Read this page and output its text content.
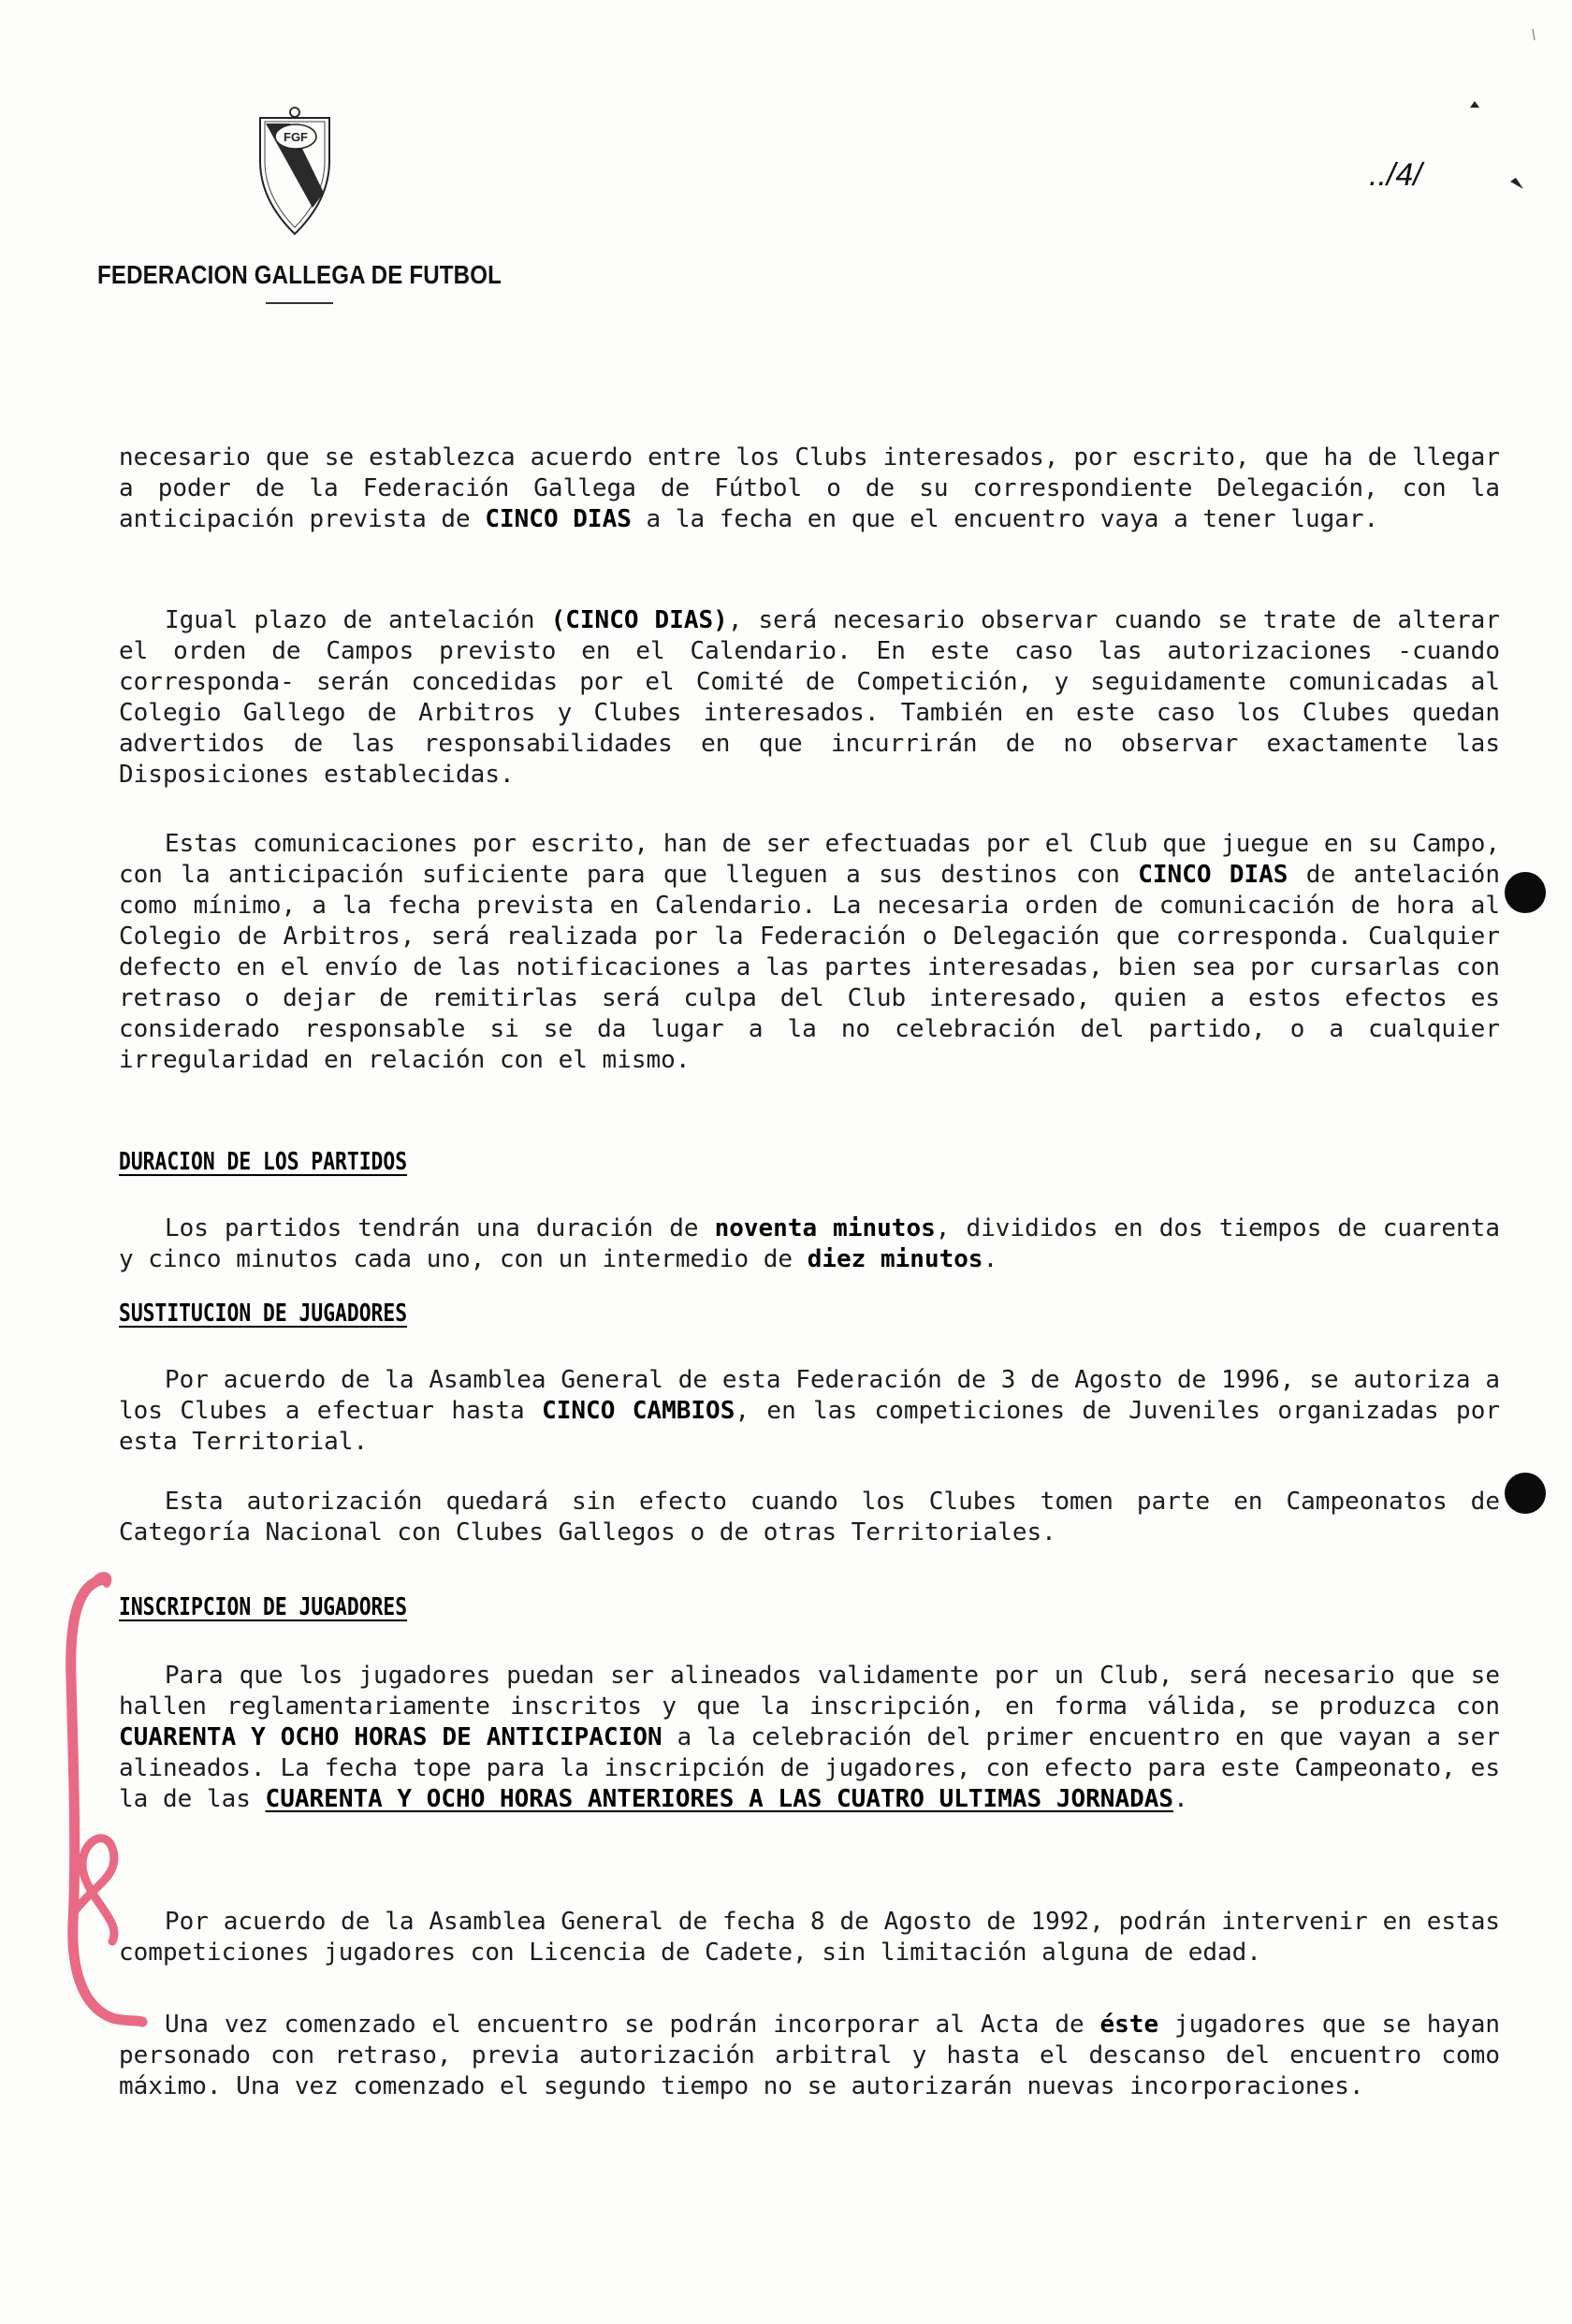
FGF
FEDERACION GALLEGA DE FUTBOL
../4/

necesario que se establezca acuerdo entre los Clubs interesados, por escrito, que ha de llegar a poder de la Federación Gallega de Fútbol o de su correspondiente Delegación, con la anticipación prevista de CINCO DIAS a la fecha en que el encuentro vaya a tener lugar.

Igual plazo de antelación (CINCO DIAS), será necesario observar cuando se trate de alterar el orden de Campos previsto en el Calendario. En este caso las autorizaciones -cuando corresponda- serán concedidas por el Comité de Competición, y seguidamente comunicadas al Colegio Gallego de Arbitros y Clubes interesados. También en este caso los Clubes quedan advertidos de las responsabilidades en que incurrirán de no observar exactamente las Disposiciones establecidas.

Estas comunicaciones por escrito, han de ser efectuadas por el Club que juegue en su Campo, con la anticipación suficiente para que lleguen a sus destinos con CINCO DIAS de antelación como mínimo, a la fecha prevista en Calendario. La necesaria orden de comunicación de hora al Colegio de Arbitros, será realizada por la Federación o Delegación que corresponda. Cualquier defecto en el envío de las notificaciones a las partes interesadas, bien sea por cursarlas con retraso o dejar de remitirlas será culpa del Club interesado, quien a estos efectos es considerado responsable si se da lugar a la no celebración del partido, o a cualquier irregularidad en relación con el mismo.

DURACION DE LOS PARTIDOS

Los partidos tendrán una duración de noventa minutos, divididos en dos tiempos de cuarenta y cinco minutos cada uno, con un intermedio de diez minutos.

SUSTITUCION DE JUGADORES

Por acuerdo de la Asamblea General de esta Federación de 3 de Agosto de 1996, se autoriza a los Clubes a efectuar hasta CINCO CAMBIOS, en las competiciones de Juveniles organizadas por esta Territorial.

Esta autorización quedará sin efecto cuando los Clubes tomen parte en Campeonatos de Categoría Nacional con Clubes Gallegos o de otras Territoriales.

INSCRIPCION DE JUGADORES

Para que los jugadores puedan ser alineados validamente por un Club, será necesario que se hallen reglamentariamente inscritos y que la inscripción, en forma válida, se produzca con CUARENTA Y OCHO HORAS DE ANTICIPACION a la celebración del primer encuentro en que vayan a ser alineados. La fecha tope para la inscripción de jugadores, con efecto para este Campeonato, es la de las CUARENTA Y OCHO HORAS ANTERIORES A LAS CUATRO ULTIMAS JORNADAS.

Por acuerdo de la Asamblea General de fecha 8 de Agosto de 1992, podrán intervenir en estas competiciones jugadores con Licencia de Cadete, sin limitación alguna de edad.

Una vez comenzado el encuentro se podrán incorporar al Acta de éste jugadores que se hayan personado con retraso, previa autorización arbitral y hasta el descanso del encuentro como máximo. Una vez comenzado el segundo tiempo no se autorizarán nuevas incorporaciones.
